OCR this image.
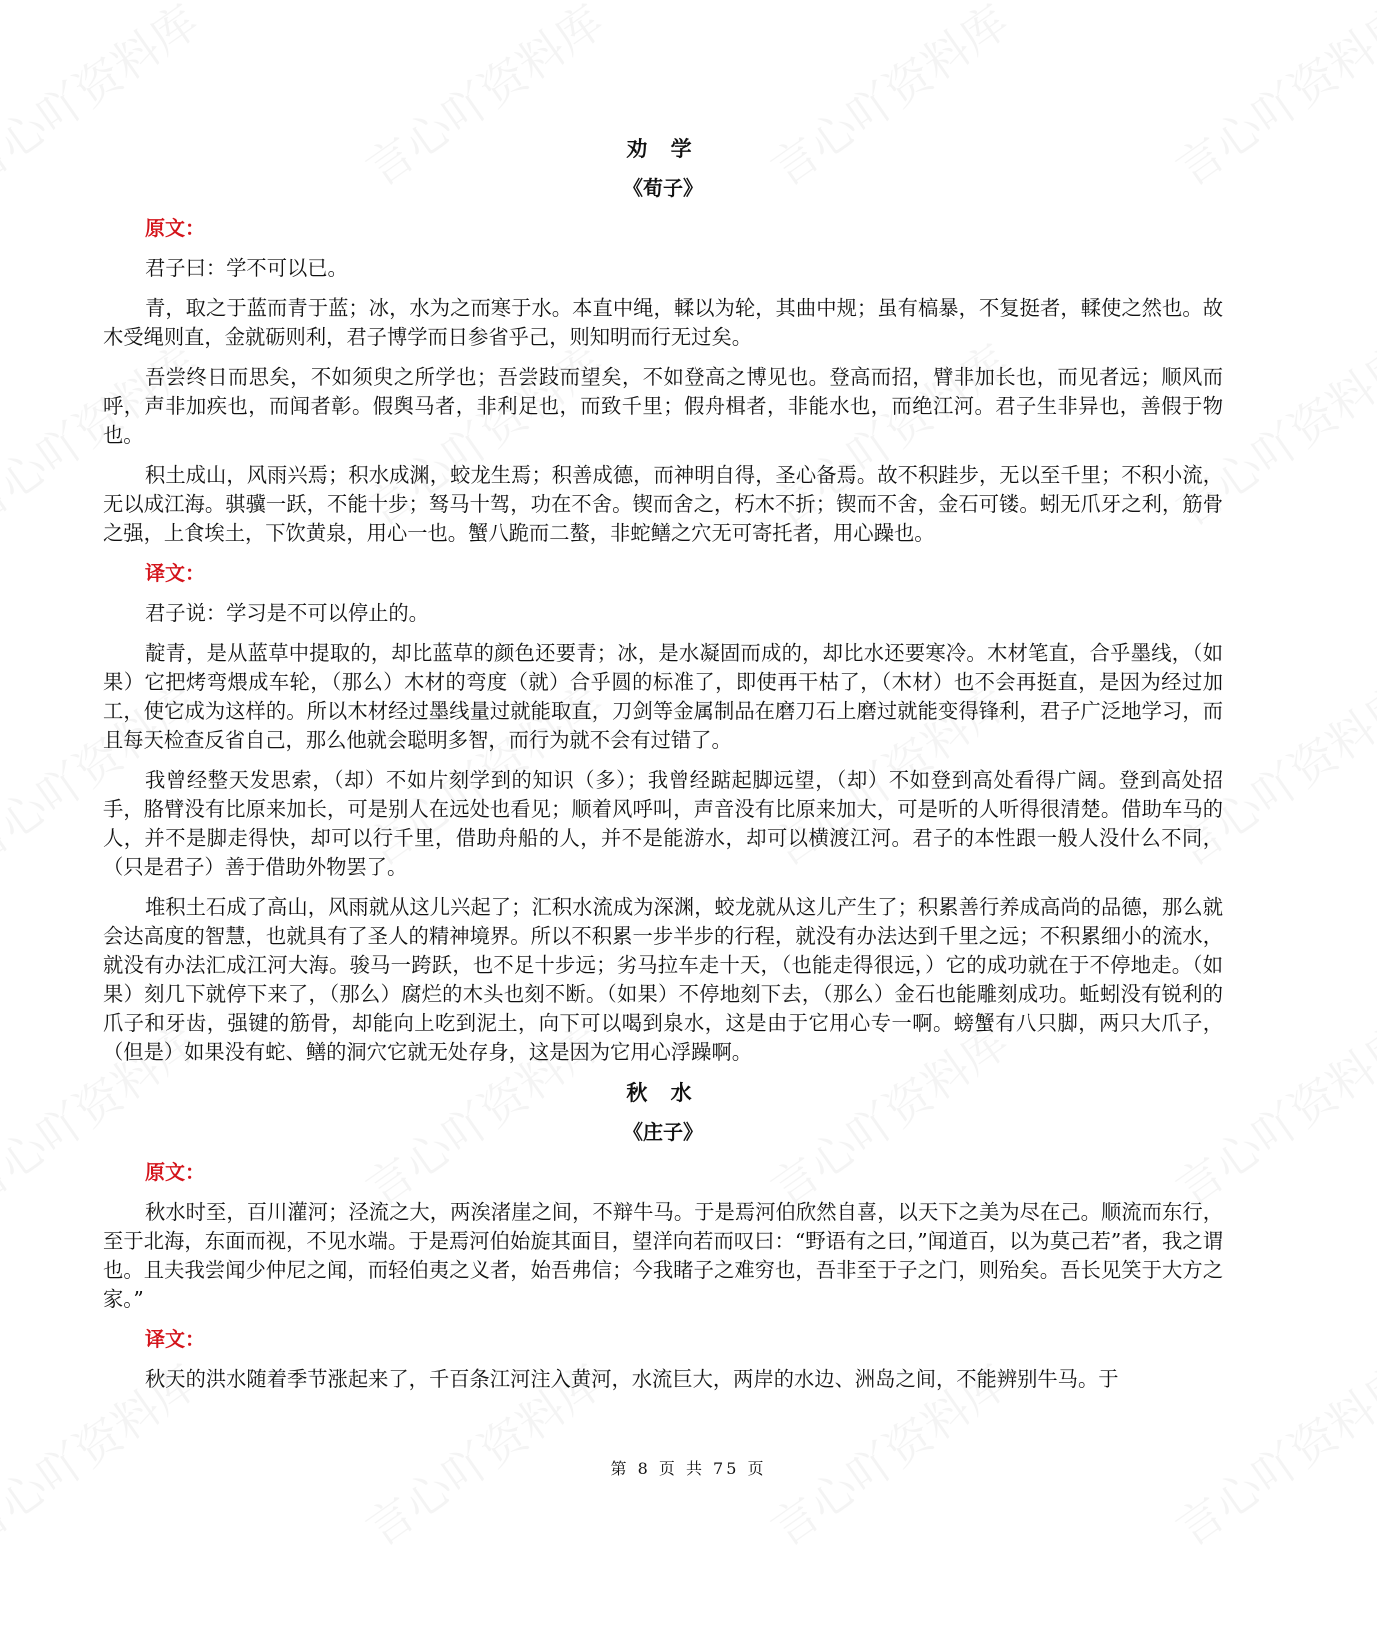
劝 学
《荀子》
原文：

君子曰：学不可以已。

青，取之于蓝而青于蓝；冰，水为之而寒于水。本直中绳，輮以为轮，其曲中规；虽有槁暴，不复挺者，輮使之然也。故木受绳则直，金就砺则利，君子博学而日参省乎己，则知明而行无过矣。

吾尝终日而思矣，不如须臾之所学也；吾尝跂而望矣，不如登高之博见也。登高而招，臂非加长也，而见者远；顺风而呼，声非加疾也，而闻者彰。假舆马者，非利足也，而致千里；假舟楫者，非能水也，而绝江河。君子生非异也，善假于物也。

积土成山，风雨兴焉；积水成渊，蛟龙生焉；积善成德，而神明自得，圣心备焉。故不积跬步，无以至千里；不积小流，无以成江海。骐骥一跃，不能十步；驽马十驾，功在不舍。锲而舍之，朽木不折；锲而不舍，金石可镂。蚓无爪牙之利，筋骨之强，上食埃土，下饮黄泉，用心一也。蟹八跪而二螯，非蛇鳝之穴无可寄托者，用心躁也。

译文：

君子说：学习是不可以停止的。

靛青，是从蓝草中提取的，却比蓝草的颜色还要青；冰，是水凝固而成的，却比水还要寒冷。木材笔直，合乎墨线，（如果）它把烤弯煨成车轮，（那么）木材的弯度（就）合乎圆的标准了，即使再干枯了，（木材）也不会再挺直，是因为经过加工，使它成为这样的。所以木材经过墨线量过就能取直，刀剑等金属制品在磨刀石上磨过就能变得锋利，君子广泛地学习，而且每天检查反省自己，那么他就会聪明多智，而行为就不会有过错了。

我曾经整天发思索，（却）不如片刻学到的知识（多）；我曾经踮起脚远望，（却）不如登到高处看得广阔。登到高处招手，胳臂没有比原来加长，可是别人在远处也看见；顺着风呼叫，声音没有比原来加大，可是听的人听得很清楚。借助车马的人，并不是脚走得快，却可以行千里，借助舟船的人，并不是能游水，却可以横渡江河。君子的本性跟一般人没什么不同，（只是君子）善于借助外物罢了。

堆积土石成了高山，风雨就从这儿兴起了；汇积水流成为深渊，蛟龙就从这儿产生了；积累善行养成高尚的品德，那么就会达高度的智慧，也就具有了圣人的精神境界。所以不积累一步半步的行程，就没有办法达到千里之远；不积累细小的流水，就没有办法汇成江河大海。骏马一跨跃，也不足十步远；劣马拉车走十天，（也能走得很远，）它的成功就在于不停地走。（如果）刻几下就停下来了，（那么）腐烂的木头也刻不断。（如果）不停地刻下去，（那么）金石也能雕刻成功。蚯蚓没有锐利的爪子和牙齿，强键的筋骨，却能向上吃到泥土，向下可以喝到泉水，这是由于它用心专一啊。螃蟹有八只脚，两只大爪子，（但是）如果没有蛇、鳝的洞穴它就无处存身，这是因为它用心浮躁啊。

秋 水
《庄子》
原文：

秋水时至，百川灌河；泾流之大，两涘渚崖之间，不辩牛马。于是焉河伯欣然自喜，以天下之美为尽在己。顺流而东行，至于北海，东面而视，不见水端。于是焉河伯始旋其面目，望洋向若而叹曰：“野语有之曰，”闻道百，以为莫己若”者，我之谓也。且夫我尝闻少仲尼之闻，而轻伯夷之义者，始吾弗信；今我睹子之难穷也，吾非至于子之门，则殆矣。吾长见笑于大方之家。”

译文：

秋天的洪水随着季节涨起来了，千百条江河注入黄河，水流巨大，两岸的水边、洲岛之间，不能辨别牛马。于

第 8 页 共 75 页
